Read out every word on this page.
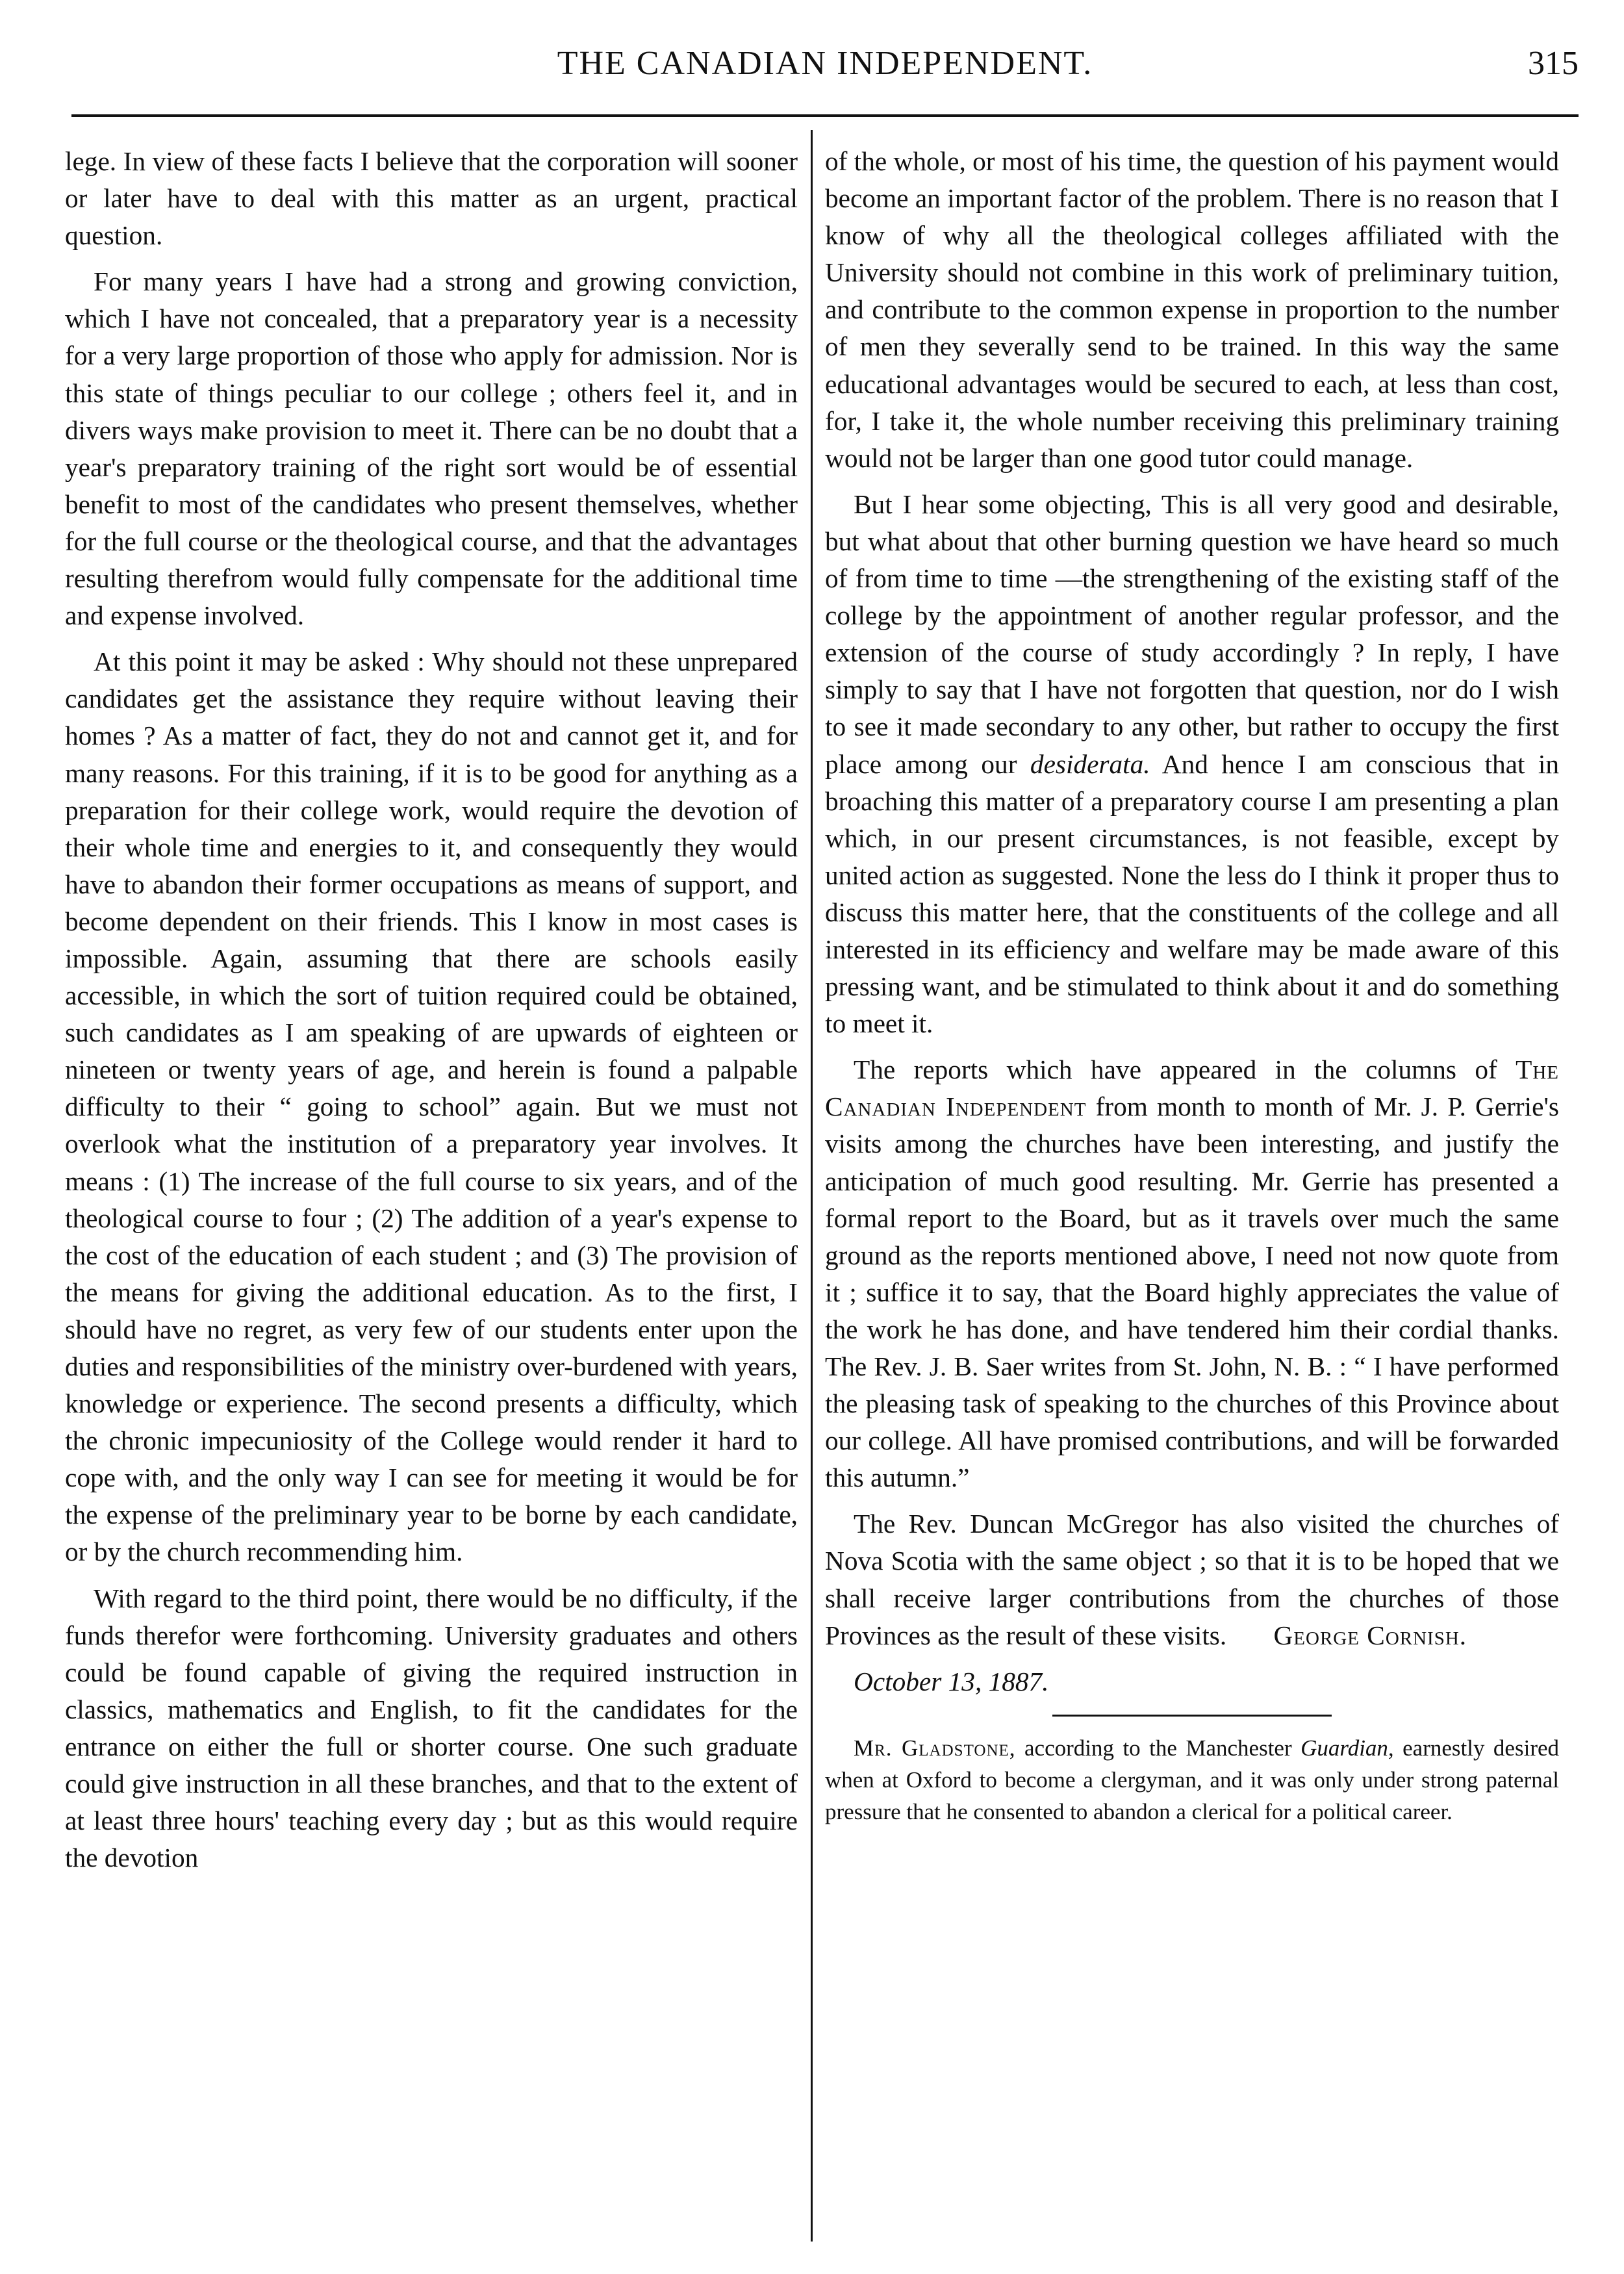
THE CANADIAN INDEPENDENT.	315

lege. In view of these facts I believe that the corporation will sooner or later have to deal with this matter as an urgent, practical question.

For many years I have had a strong and growing conviction, which I have not concealed, that a preparatory year is a necessity for a very large proportion of those who apply for admission. Nor is this state of things peculiar to our college ; others feel it, and in divers ways make provision to meet it. There can be no doubt that a year's preparatory training of the right sort would be of essential benefit to most of the candidates who present themselves, whether for the full course or the theological course, and that the advantages resulting therefrom would fully compensate for the additional time and expense involved.

At this point it may be asked : Why should not these unprepared candidates get the assistance they require without leaving their homes ? As a matter of fact, they do not and cannot get it, and for many reasons. For this training, if it is to be good for anything as a preparation for their college work, would require the devotion of their whole time and energies to it, and consequently they would have to abandon their former occupations as means of support, and become dependent on their friends. This I know in most cases is impossible. Again, assuming that there are schools easily accessible, in which the sort of tuition required could be obtained, such candidates as I am speaking of are upwards of eighteen or nineteen or twenty years of age, and herein is found a palpable difficulty to their “ going to school” again. But we must not overlook what the institution of a preparatory year involves. It means : (1) The increase of the full course to six years, and of the theological course to four ; (2) The addition of a year's expense to the cost of the education of each student ; and (3) The provision of the means for giving the additional education. As to the first, I should have no regret, as very few of our students enter upon the duties and responsibilities of the ministry over-burdened with years, knowledge or experience. The second presents a difficulty, which the chronic impecuniosity of the College would render it hard to cope with, and the only way I can see for meeting it would be for the expense of the preliminary year to be borne by each candidate, or by the church recommending him.

With regard to the third point, there would be no difficulty, if the funds therefor were forthcoming. University graduates and others could be found capable of giving the required instruction in classics, mathematics and English, to fit the candidates for the entrance on either the full or shorter course. One such graduate could give instruction in all these branches, and that to the extent of at least three hours' teaching every day ; but as this would require the devotion

of the whole, or most of his time, the question of his payment would become an important factor of the problem. There is no reason that I know of why all the theological colleges affiliated with the University should not combine in this work of preliminary tuition, and contribute to the common expense in proportion to the number of men they severally send to be trained. In this way the same educational advantages would be secured to each, at less than cost, for, I take it, the whole number receiving this preliminary training would not be larger than one good tutor could manage.

But I hear some objecting, This is all very good and desirable, but what about that other burning question we have heard so much of from time to time —the strengthening of the existing staff of the college by the appointment of another regular professor, and the extension of the course of study accordingly ? In reply, I have simply to say that I have not forgotten that question, nor do I wish to see it made secondary to any other, but rather to occupy the first place among our desiderata. And hence I am conscious that in broaching this matter of a preparatory course I am presenting a plan which, in our present circumstances, is not feasible, except by united action as suggested. None the less do I think it proper thus to discuss this matter here, that the constituents of the college and all interested in its efficiency and welfare may be made aware of this pressing want, and be stimulated to think about it and do something to meet it.

The reports which have appeared in the columns of The Canadian Independent from month to month of Mr. J. P. Gerrie's visits among the churches have been interesting, and justify the anticipation of much good resulting. Mr. Gerrie has presented a formal report to the Board, but as it travels over much the same ground as the reports mentioned above, I need not now quote from it ; suffice it to say, that the Board highly appreciates the value of the work he has done, and have tendered him their cordial thanks. The Rev. J. B. Saer writes from St. John, N. B. : “ I have performed the pleasing task of speaking to the churches of this Province about our college. All have promised contributions, and will be forwarded this autumn.”

The Rev. Duncan McGregor has also visited the churches of Nova Scotia with the same object ; so that it is to be hoped that we shall receive larger contributions from the churches of those Provinces as the result of these visits. George Cornish.

October 13, 1887.

Mr. Gladstone, according to the Manchester Guardian, earnestly desired when at Oxford to become a clergyman, and it was only under strong paternal pressure that he consented to abandon a clerical for a political career.
